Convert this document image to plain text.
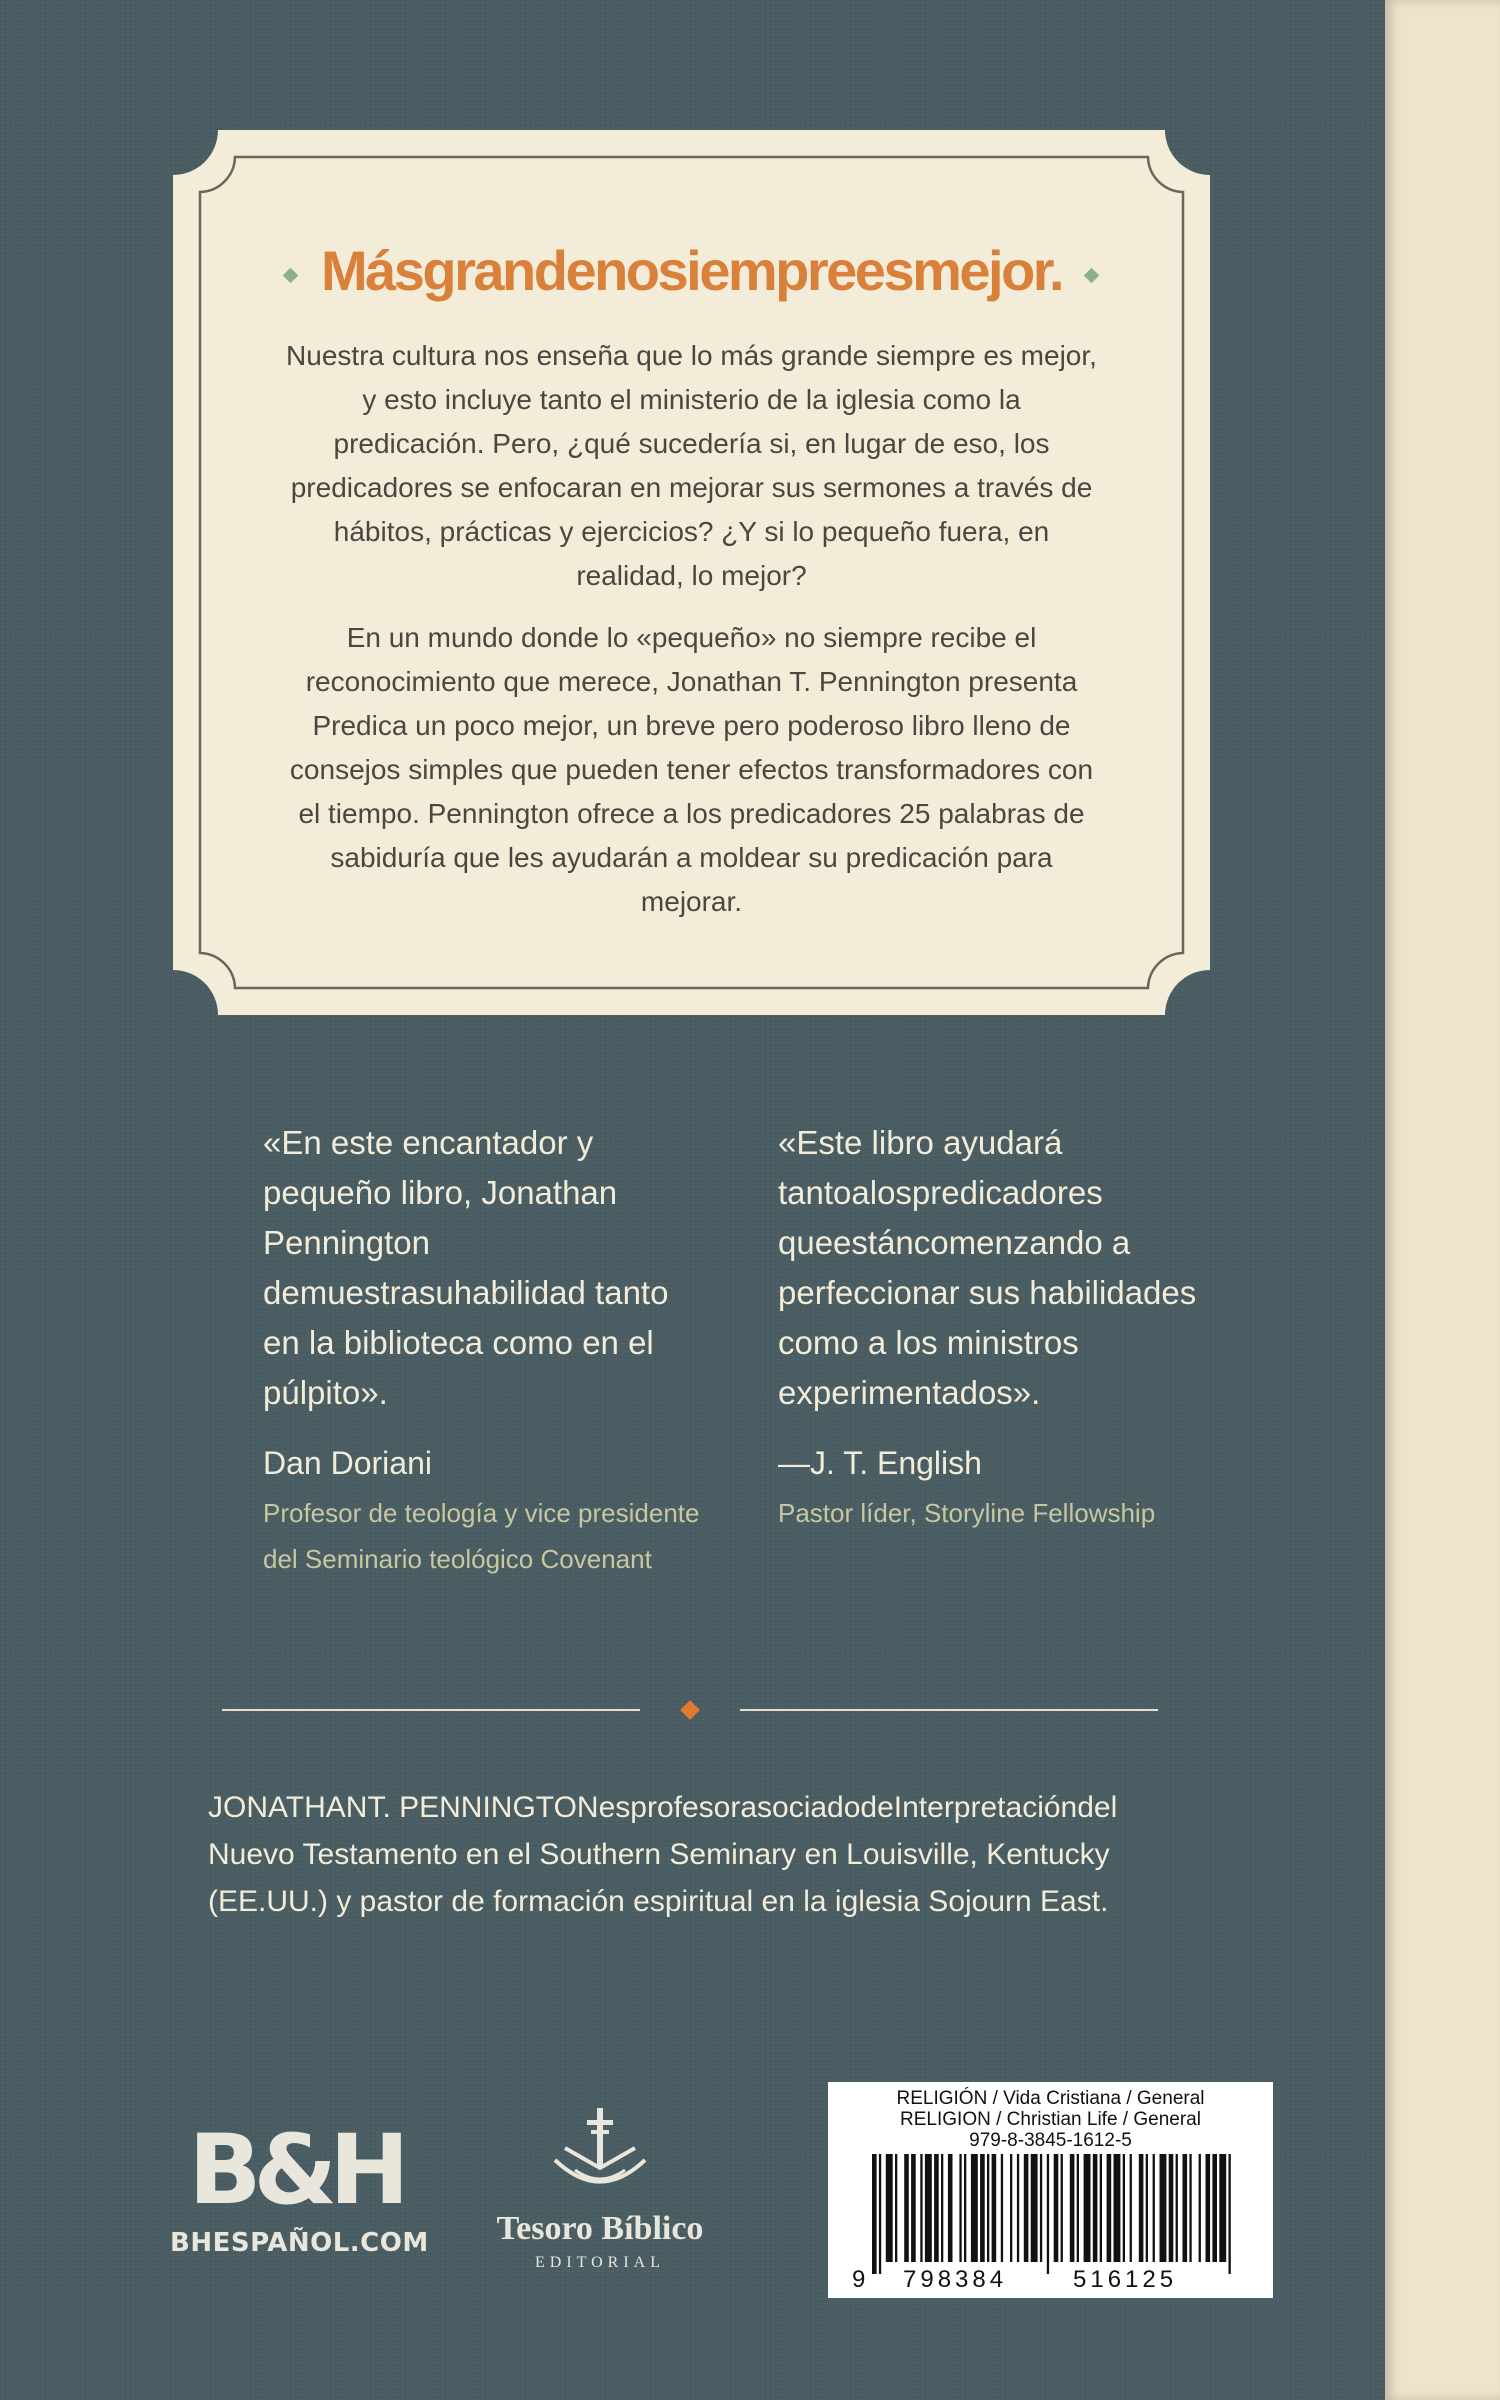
Másgrandenosiempreesmejor.

Nuestra cultura nos enseña que lo más grande siempre es mejor, y esto incluye tanto el ministerio de la iglesia como la predicación. Pero, ¿qué sucedería si, en lugar de eso, los predicadores se enfocaran en mejorar sus sermones a través de hábitos, prácticas y ejercicios? ¿Y si lo pequeño fuera, en realidad, lo mejor?

En un mundo donde lo «pequeño» no siempre recibe el reconocimiento que merece, Jonathan T. Pennington presenta Predica un poco mejor, un breve pero poderoso libro lleno de consejos simples que pueden tener efectos transformadores con el tiempo. Pennington ofrece a los predicadores 25 palabras de sabiduría que les ayudarán a moldear su predicación para mejorar.

«En este encantador y pequeño libro, Jonathan Pennington demuestrasuhabilidad tanto en la biblioteca como en el púlpito».

Dan Doriani

Profesor de teología y vice presidente del Seminario teológico Covenant

«Este libro ayudará tantoalospredicadores queestáncomenzando a perfeccionar sus habilidades como a los ministros experimentados».

—J. T. English

Pastor líder, Storyline Fellowship

JONATHANT. PENNINGTONesprofesorasociadodeInterpretacióndel Nuevo Testamento en el Southern Seminary en Louisville, Kentucky (EE.UU.) y pastor de formación espiritual en la iglesia Sojourn East.

B&H

BHESPAÑOL.COM	Tesoro Bíblico

EDITORIAL

RELIGIÓN / Vida Cristiana / General

RELIGION / Christian Life / General

979-8-3845-1612-5

9 798384	516125
